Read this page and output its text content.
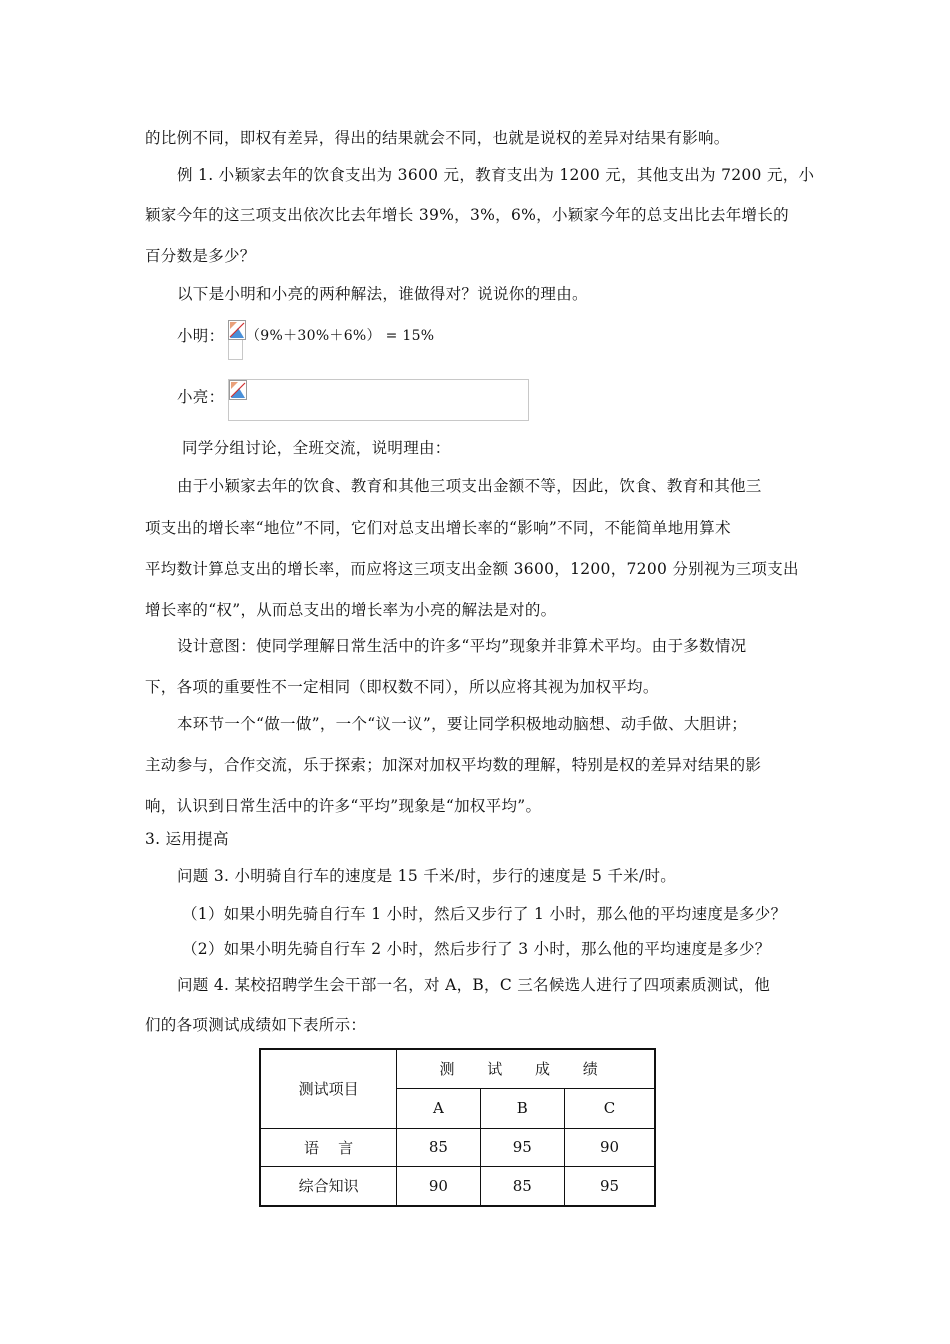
的比例不同，即权有差异，得出的结果就会不同，也就是说权的差异对结果有影响。
例 1. 小颖家去年的饮食支出为 3600 元，教育支出为 1200 元，其他支出为 7200 元，小
颖家今年的这三项支出依次比去年增长 39%，3%，6%，小颖家今年的总支出比去年增长的
百分数是多少？
以下是小明和小亮的两种解法，谁做得对？说说你的理由。
小明： （9%＋30%＋6%） = 15%
小亮：
同学分组讨论，全班交流，说明理由：
由于小颖家去年的饮食、教育和其他三项支出金额不等，因此，饮食、教育和其他三
项支出的增长率“地位”不同，它们对总支出增长率的“影响”不同，不能简单地用算术
平均数计算总支出的增长率，而应将这三项支出金额 3600，1200，7200 分别视为三项支出
增长率的“权”，从而总支出的增长率为小亮的解法是对的。
设计意图：使同学理解日常生活中的许多“平均”现象并非算术平均。由于多数情况
下，各项的重要性不一定相同（即权数不同），所以应将其视为加权平均。
本环节一个“做一做”，一个“议一议”，要让同学积极地动脑想、动手做、大胆讲；
主动参与，合作交流，乐于探索；加深对加权平均数的理解，特别是权的差异对结果的影
响，认识到日常生活中的许多“平均”现象是“加权平均”。
3. 运用提高
问题 3. 小明骑自行车的速度是 15 千米/时，步行的速度是 5 千米/时。
（1）如果小明先骑自行车 1 小时，然后又步行了 1 小时，那么他的平均速度是多少？
（2）如果小明先骑自行车 2 小时，然后步行了 3 小时，那么他的平均速度是多少？
问题 4. 某校招聘学生会干部一名，对 A，B，C 三名候选人进行了四项素质测试，他
们的各项测试成绩如下表所示：
测试项目	测 试 成 绩		
	A	B	C
语    言	85	95	90
综合知识	90	85	95
